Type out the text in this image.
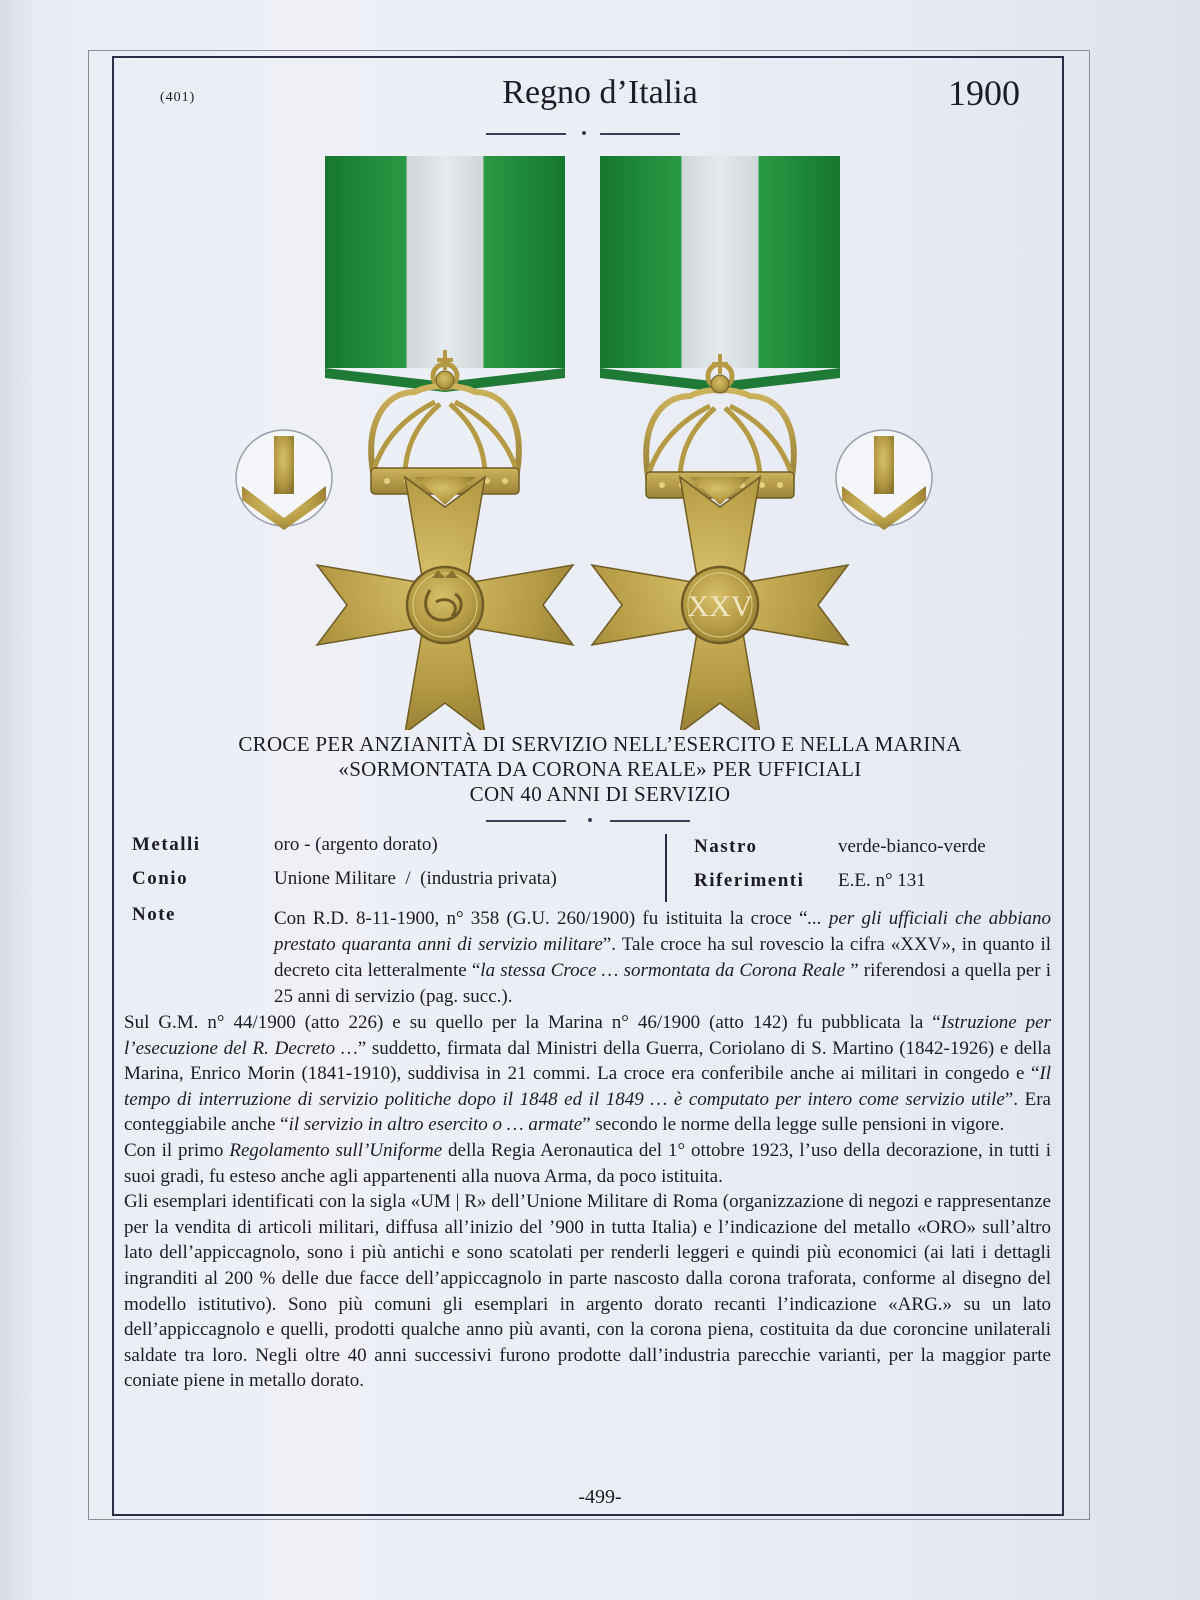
(401)	Regno d’Italia	1900
XXV
CROCE PER ANZIANITÀ DI SERVIZIO NELL’ESERCITO E NELLA MARINA
«SORMONTATA DA CORONA REALE» PER UFFICIALI
CON 40 ANNI DI SERVIZIO
Metalli	oro - (argento dorato)
Conio	Unione Militare  /  (industria privata)
Nastro	verde-bianco-verde
Riferimenti E.E. n° 131
Note	Con R.D. 8-11-1900, n° 358 (G.U. 260/1900) fu istituita la croce “... per gli ufficiali che abbiano prestato quaranta anni di servizio militare”. Tale croce ha sul rovescio la cifra «XXV», in quanto il decreto cita letteralmente “la stessa Croce … sormontata da Corona Reale ” riferendosi a quella per i 25 anni di servizio (pag. succ.).

Sul G.M. n° 44/1900 (atto 226) e su quello per la Marina n° 46/1900 (atto 142) fu pubblicata la “Istruzione per l’esecuzione del R. Decreto …” suddetto, firmata dal Ministri della Guerra, Coriolano di S. Martino (1842-1926) e della Marina, Enrico Morin (1841-1910), suddivisa in 21 commi. La croce era conferibile anche ai militari in congedo e “Il tempo di interruzione di servizio politiche dopo il 1848 ed il 1849 … è computato per intero come servizio utile”. Era conteggiabile anche “il servizio in altro esercito o … armate” secondo le norme della legge sulle pensioni in vigore.

Con il primo Regolamento sull’Uniforme della Regia Aeronautica del 1° ottobre 1923, l’uso della decorazione, in tutti i suoi gradi, fu esteso anche agli appartenenti alla nuova Arma, da poco istituita.

Gli esemplari identificati con la sigla «UM | R» dell’Unione Militare di Roma (organizzazione di negozi e rappresentanze per la vendita di articoli militari, diffusa all’inizio del ’900 in tutta Italia) e l’indicazione del metallo «ORO» sull’altro lato dell’appiccagnolo, sono i più antichi e sono scatolati per renderli leggeri e quindi più economici (ai lati i dettagli ingranditi al 200 % delle due facce dell’appiccagnolo in parte nascosto dalla corona traforata, conforme al disegno del modello istitutivo). Sono più comuni gli esemplari in argento dorato recanti l’indicazione «ARG.» su un lato dell’appiccagnolo e quelli, prodotti qualche anno più avanti, con la corona piena, costituita da due coroncine unilaterali saldate tra loro. Negli oltre 40 anni successivi furono prodotte dall’industria parecchie varianti, per la maggior parte coniate piene in metallo dorato.

-499-
